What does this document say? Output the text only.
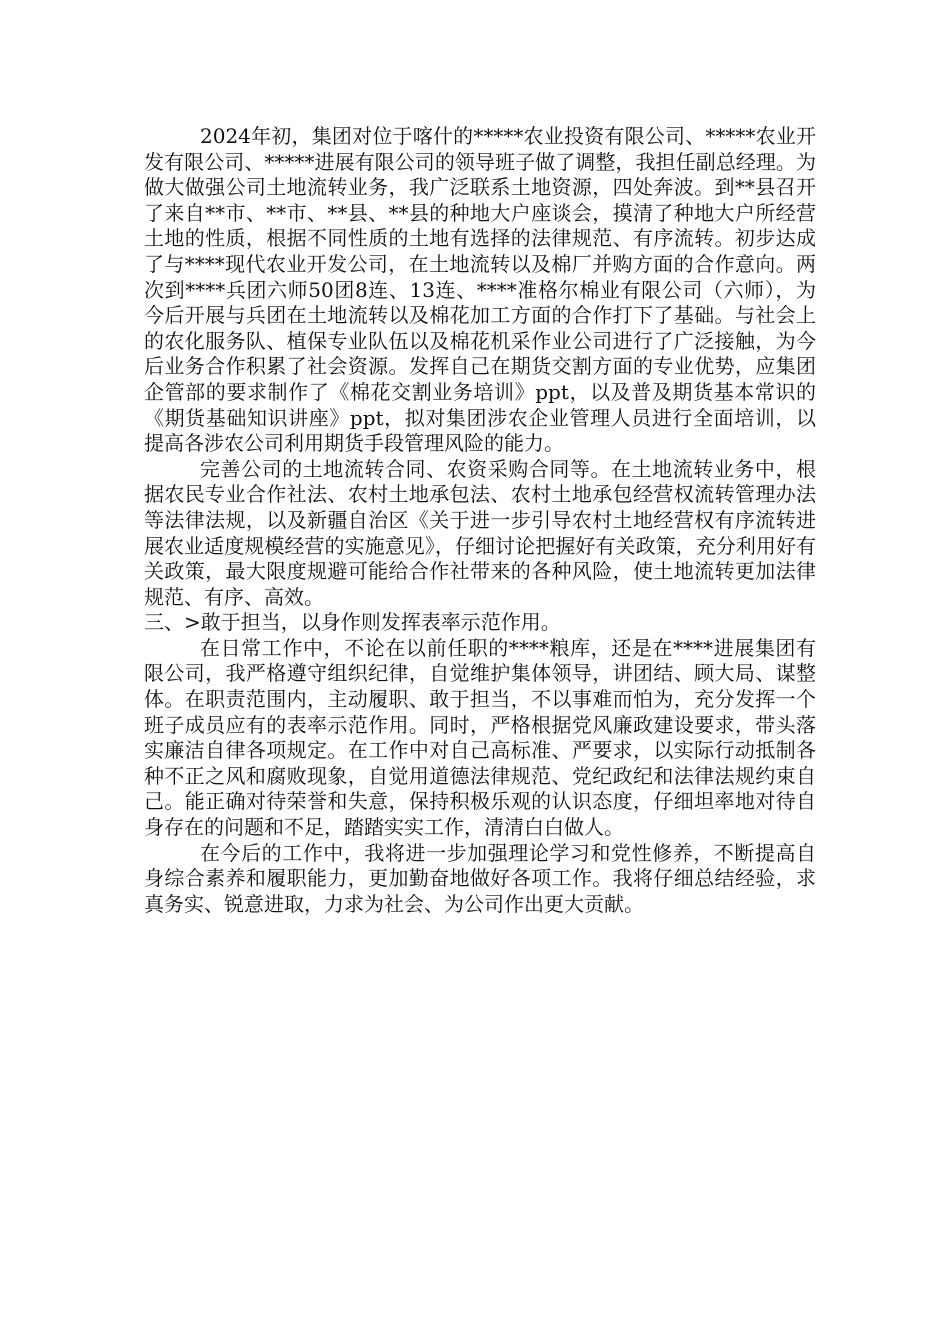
2024年初，集团对位于喀什的*****农业投资有限公司、*****农业开发有限公司、*****进展有限公司的领导班子做了调整，我担任副总经理。为做大做强公司土地流转业务，我广泛联系土地资源，四处奔波。到**县召开了来自**市、**市、**县、**县的种地大户座谈会，摸清了种地大户所经营土地的性质，根据不同性质的土地有选择的法律规范、有序流转。初步达成了与****现代农业开发公司，在土地流转以及棉厂并购方面的合作意向。两次到****兵团六师50团8连、13连、****准格尔棉业有限公司（六师），为今后开展与兵团在土地流转以及棉花加工方面的合作打下了基础。与社会上的农化服务队、植保专业队伍以及棉花机采作业公司进行了广泛接触，为今后业务合作积累了社会资源。发挥自己在期货交割方面的专业优势，应集团企管部的要求制作了《棉花交割业务培训》ppt，以及普及期货基本常识的《期货基础知识讲座》ppt，拟对集团涉农企业管理人员进行全面培训，以提高各涉农公司利用期货手段管理风险的能力。

完善公司的土地流转合同、农资采购合同等。在土地流转业务中，根据农民专业合作社法、农村土地承包法、农村土地承包经营权流转管理办法等法律法规，以及新疆自治区《关于进一步引导农村土地经营权有序流转进展农业适度规模经营的实施意见》，仔细讨论把握好有关政策，充分利用好有关政策，最大限度规避可能给合作社带来的各种风险，使土地流转更加法律规范、有序、高效。

三、>敢于担当，以身作则发挥表率示范作用。

在日常工作中，不论在以前任职的****粮库，还是在****进展集团有限公司，我严格遵守组织纪律，自觉维护集体领导，讲团结、顾大局、谋整体。在职责范围内，主动履职、敢于担当，不以事难而怕为，充分发挥一个班子成员应有的表率示范作用。同时，严格根据党风廉政建设要求，带头落实廉洁自律各项规定。在工作中对自己高标准、严要求，以实际行动抵制各种不正之风和腐败现象，自觉用道德法律规范、党纪政纪和法律法规约束自己。能正确对待荣誉和失意，保持积极乐观的认识态度，仔细坦率地对待自身存在的问题和不足，踏踏实实工作，清清白白做人。

在今后的工作中，我将进一步加强理论学习和党性修养，不断提高自身综合素养和履职能力，更加勤奋地做好各项工作。我将仔细总结经验，求真务实、锐意进取，力求为社会、为公司作出更大贡献。
